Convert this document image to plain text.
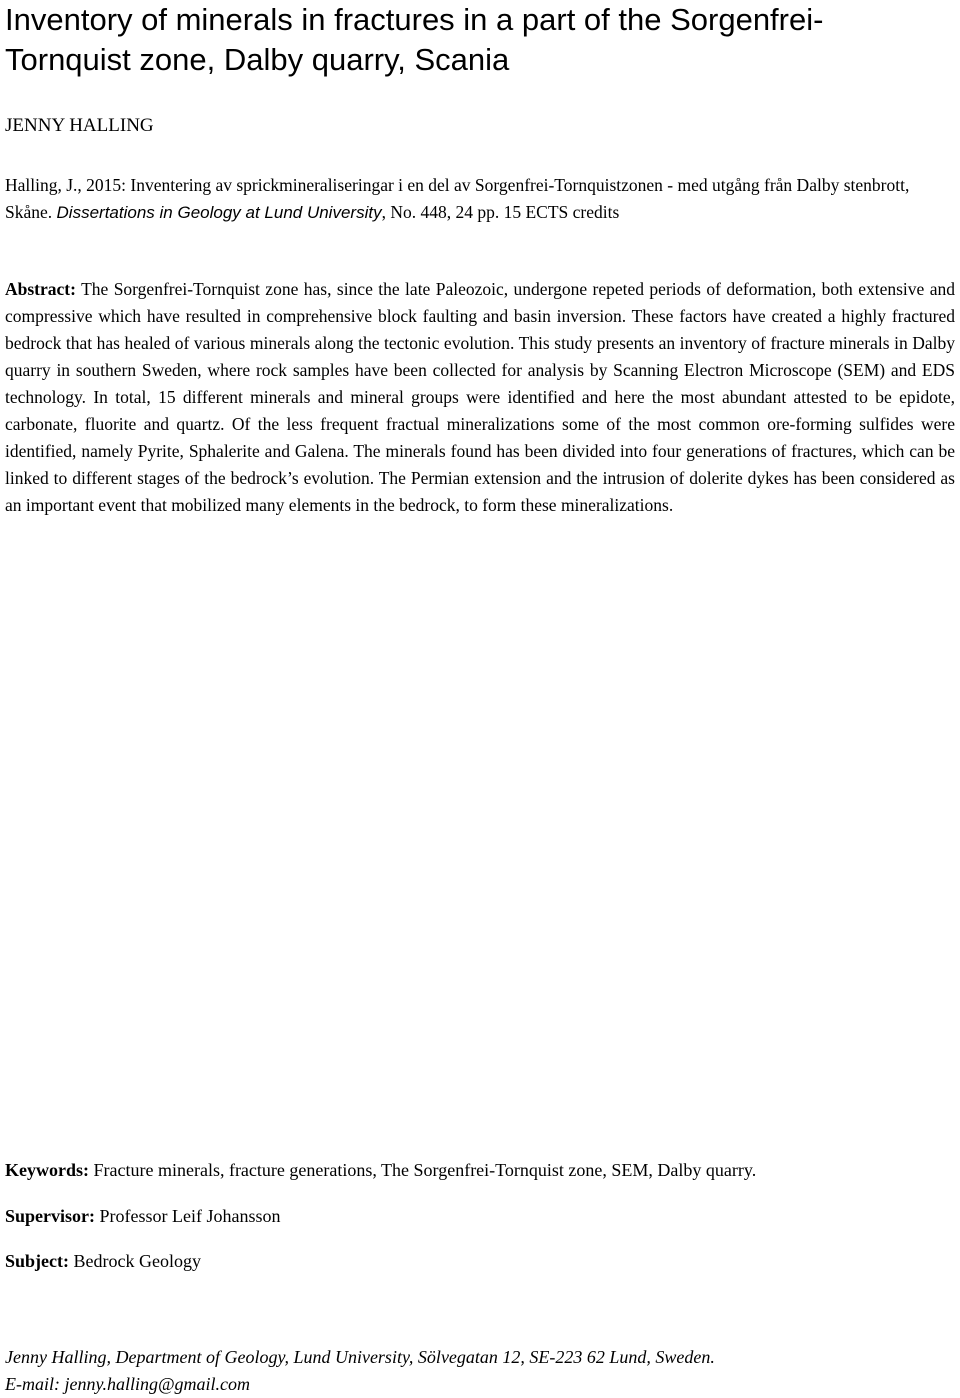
Inventory of minerals in fractures in a part of the Sorgenfrei-Tornquist zone, Dalby quarry, Scania
JENNY HALLING
Halling, J., 2015: Inventering av sprickmineraliseringar i en del av Sorgenfrei-Tornquistzonen - med utgång från Dalby stenbrott, Skåne. Dissertations in Geology at Lund University, No. 448, 24 pp. 15 ECTS credits

Abstract: The Sorgenfrei-Tornquist zone has, since the late Paleozoic, undergone repeted periods of deformation, both extensive and compressive which have resulted in comprehensive block faulting and basin inversion. These factors have created a highly fractured bedrock that has healed of various minerals along the tectonic evolution. This study presents an inventory of fracture minerals in Dalby quarry in southern Sweden, where rock samples have been collected for analysis by Scanning Electron Microscope (SEM) and EDS technology. In total, 15 different minerals and mineral groups were identified and here the most abundant attested to be epidote, carbonate, fluorite and quartz. Of the less frequent fractual mineralizations some of the most common ore-forming sulfides were identified, namely Pyrite, Sphalerite and Galena. The minerals found has been divided into four generations of fractures, which can be linked to different stages of the bedrock’s evolution. The Permian extension and the intrusion of dolerite dykes has been considered as an important event that mobilized many elements in the bedrock, to form these mineralizations.

Keywords: Fracture minerals, fracture generations, The Sorgenfrei-Tornquist zone, SEM, Dalby quarry.
Supervisor: Professor Leif Johansson
Subject: Bedrock Geology
Jenny Halling, Department of Geology, Lund University, Sölvegatan 12, SE-223 62 Lund, Sweden.
E-mail: jenny.halling@gmail.com
